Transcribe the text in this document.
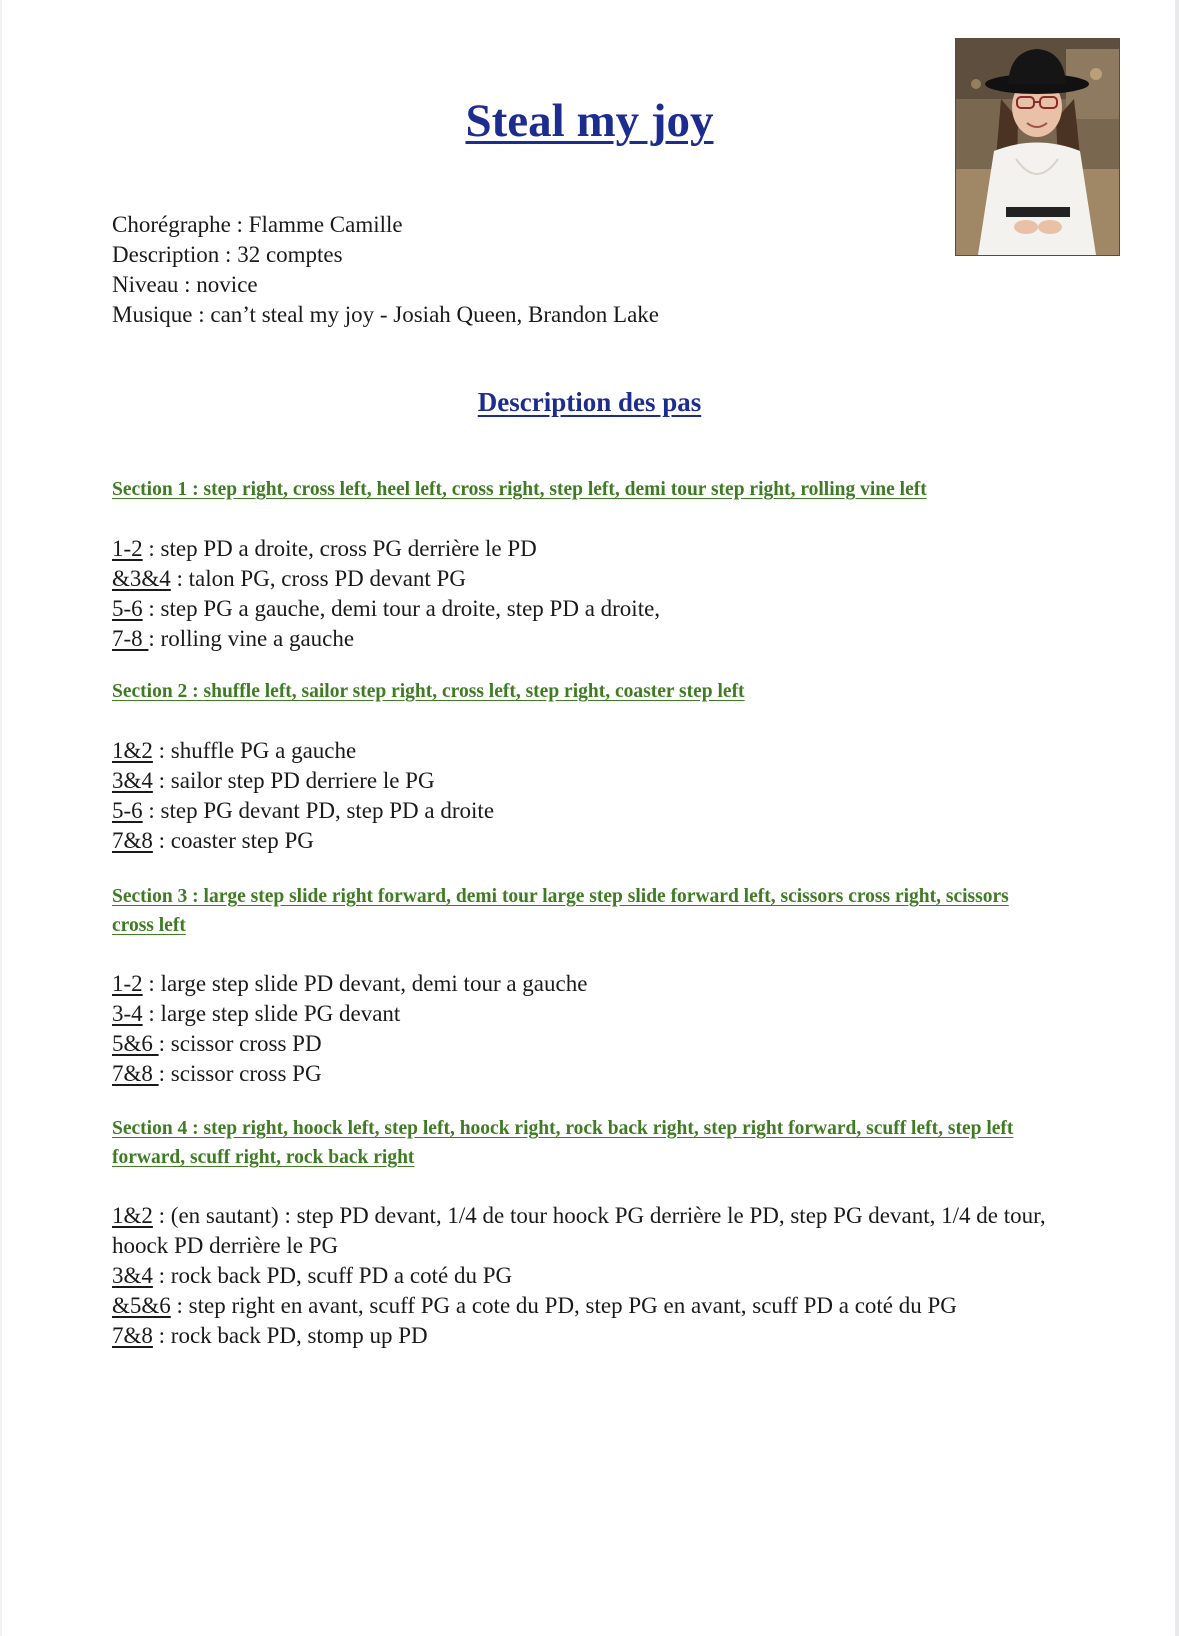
Steal my joy
Chorégraphe : Flamme Camille
Description : 32 comptes
Niveau : novice
Musique : can’t steal my joy - Josiah Queen, Brandon Lake
Description des pas
Section 1 : step right, cross left, heel left, cross right, step left, demi tour step right, rolling vine left
1-2 : step PD a droite, cross PG derrière le PD
&3&4 : talon PG, cross PD devant PG
5-6 : step PG a gauche, demi tour a droite, step PD a droite,
7-8 : rolling vine a gauche
Section 2 : shuffle left, sailor step right, cross left, step right, coaster step left
1&2 : shuffle PG a gauche
3&4 : sailor step PD derriere le PG
5-6 : step PG devant PD, step PD a droite
7&8 : coaster step PG
Section 3 : large step slide right forward, demi tour large step slide forward left, scissors cross right, scissors cross left
1-2 : large step slide PD devant, demi tour a gauche
3-4 : large step slide PG devant
5&6 : scissor cross PD
7&8 : scissor cross PG
Section 4 : step right, hoock left, step left, hoock right, rock back right, step right forward, scuff left, step left forward, scuff right, rock back right
1&2 : (en sautant) : step PD devant, 1/4 de tour hoock PG derrière le PD, step PG devant, 1/4 de tour, hoock PD derrière le PG
3&4 : rock back PD, scuff PD a coté du PG
&5&6 : step right en avant, scuff PG a cote du PD, step PG en avant, scuff PD a coté du PG
7&8 : rock back PD, stomp up PD
